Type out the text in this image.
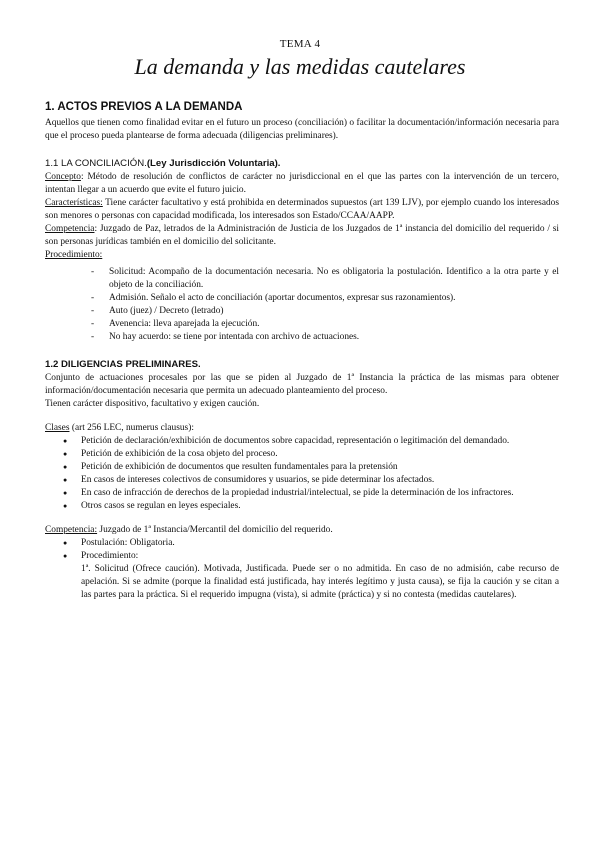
TEMA 4
La demanda y las medidas cautelares
1. ACTOS PREVIOS A LA DEMANDA

Aquellos que tienen como finalidad evitar en el futuro un proceso (conciliación) o facilitar la documentación/información necesaria para que el proceso pueda plantearse de forma adecuada (diligencias preliminares).

1.1 LA CONCILIACIÓN.(Ley Jurisdicción Voluntaria).

Concepto: Método de resolución de conflictos de carácter no jurisdiccional en el que las partes con la intervención de un tercero, intentan llegar a un acuerdo que evite el futuro juicio.

Características: Tiene carácter facultativo y está prohibida en determinados supuestos (art 139 LJV), por ejemplo cuando los interesados son menores o personas con capacidad modificada, los interesados son Estado/CCAA/AAPP.

Competencia: Juzgado de Paz, letrados de la Administración de Justicia de los Juzgados de 1ª instancia del domicilio del requerido / si son personas jurídicas también en el domicilio del solicitante.

Procedimiento:

- Solicitud: Acompaño de la documentación necesaria. No es obligatoria la postulación. Identifico a la otra parte y el objeto de la conciliación.
- Admisión. Señalo el acto de conciliación (aportar documentos, expresar sus razonamientos).
- Auto (juez) / Decreto (letrado)
- Avenencia: lleva aparejada la ejecución.
- No hay acuerdo: se tiene por intentada con archivo de actuaciones.
1.2 DILIGENCIAS PRELIMINARES.

Conjunto de actuaciones procesales por las que se piden al Juzgado de 1ª Instancia la práctica de las mismas para obtener información/documentación necesaria que permita un adecuado planteamiento del proceso.

Tienen carácter dispositivo, facultativo y exigen caución.

Clases (art 256 LEC, numerus clausus):

● Petición de declaración/exhibición de documentos sobre capacidad, representación o legitimación del demandado.
● Petición de exhibición de la cosa objeto del proceso.
● Petición de exhibición de documentos que resulten fundamentales para la pretensión
● En casos de intereses colectivos de consumidores y usuarios, se pide determinar los afectados.
● En caso de infracción de derechos de la propiedad industrial/intelectual, se pide la determinación de los infractores.
● Otros casos se regulan en leyes especiales.

Competencia: Juzgado de 1ª Instancia/Mercantil del domicilio del requerido.

● Postulación: Obligatoria.
● Procedimiento:

1ª. Solicitud (Ofrece caución). Motivada, Justificada. Puede ser o no admitida. En caso de no admisión, cabe recurso de apelación. Si se admite (porque la finalidad está justificada, hay interés legítimo y justa causa), se fija la caución y se citan a las partes para la práctica. Si el requerido impugna (vista), si admite (práctica) y si no contesta (medidas cautelares).
